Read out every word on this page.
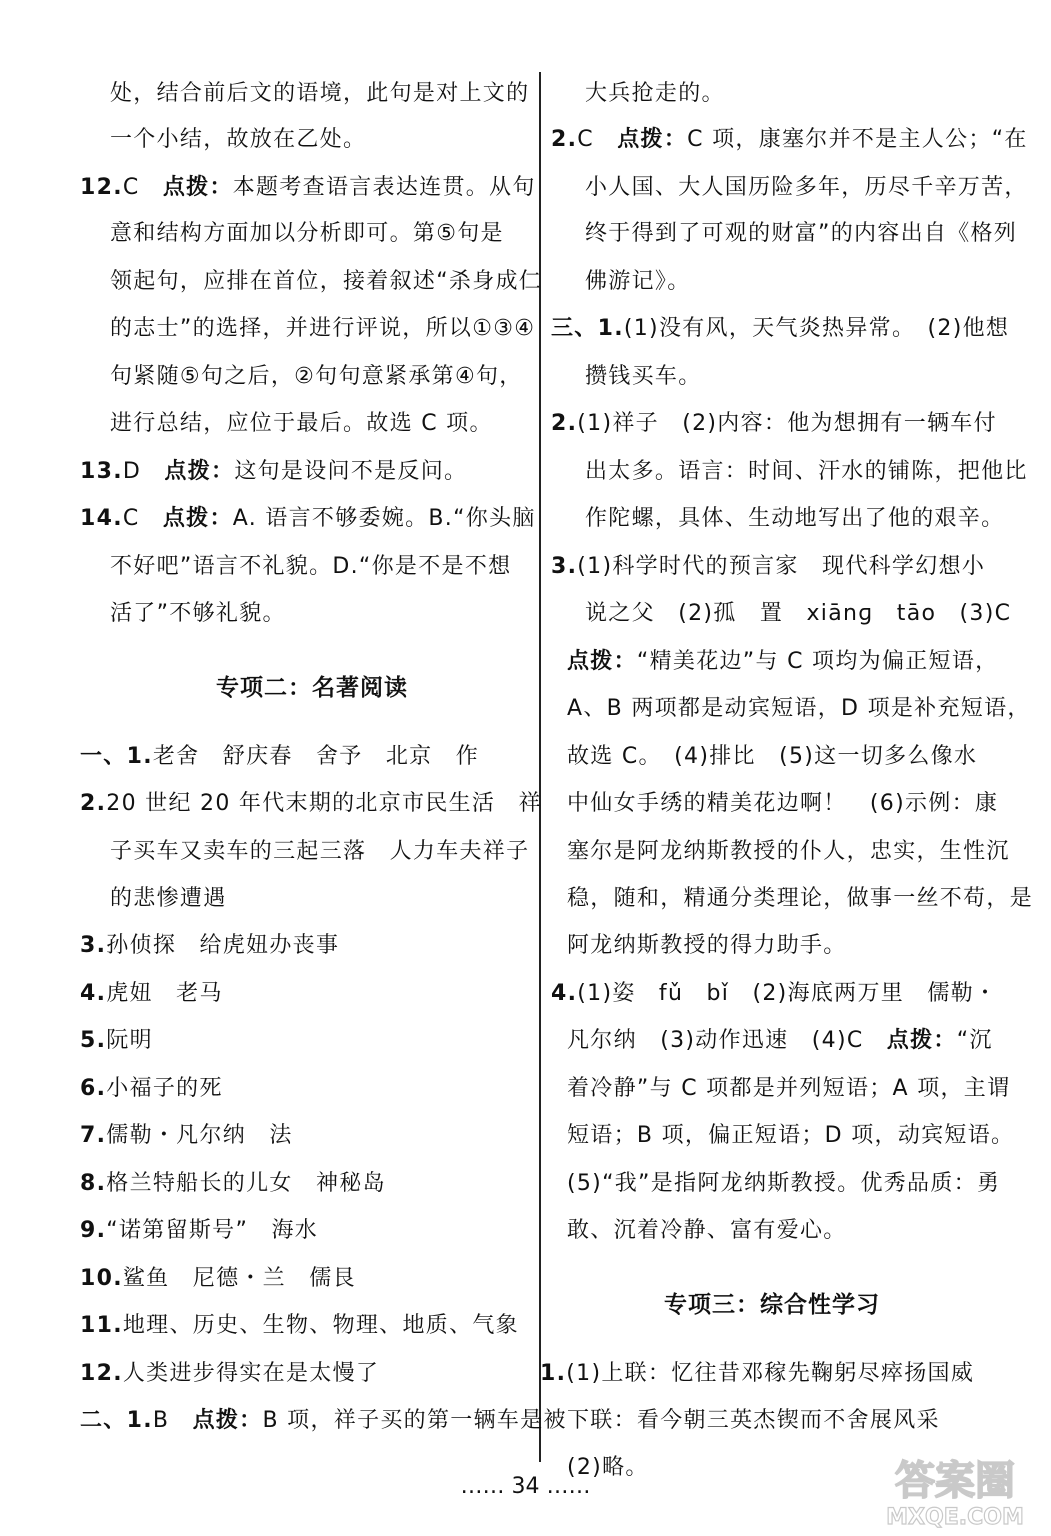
处，结合前后文的语境，此句是对上文的
一个小结，故放在乙处。
12.C　点拨：本题考查语言表达连贯。从句
意和结构方面加以分析即可。第⑤句是
领起句，应排在首位，接着叙述“杀身成仁
的志士”的选择，并进行评说，所以①③④
句紧随⑤句之后，②句句意紧承第④句，
进行总结，应位于最后。故选 C 项。
13.D　点拨：这句是设问不是反问。
14.C　点拨：A. 语言不够委婉。B.“你头脑
不好吧”语言不礼貌。D.“你是不是不想
活了”不够礼貌。
一、1.老舍　舒庆春　舍予　北京　作
2.20 世纪 20 年代末期的北京市民生活　祥
子买车又卖车的三起三落　人力车夫祥子
的悲惨遭遇
3.孙侦探　给虎妞办丧事
4.虎妞　老马
5.阮明
6.小福子的死
7.儒勒・凡尔纳　法
8.格兰特船长的儿女　神秘岛
9.“诺第留斯号”　海水
10.鲨鱼　尼德・兰　儒艮
11.地理、历史、生物、物理、地质、气象
12.人类进步得实在是太慢了
二、1.B　点拨：B 项，祥子买的第一辆车是被
专项二：名著阅读
大兵抢走的。
2.C　点拨：C 项，康塞尔并不是主人公；“在
小人国、大人国历险多年，历尽千辛万苦，
终于得到了可观的财富”的内容出自《格列
佛游记》。
三、1.(1)没有风，天气炎热异常。　(2)他想
攒钱买车。
2.(1)祥子　(2)内容：他为想拥有一辆车付
出太多。语言：时间、汗水的铺陈，把他比
作陀螺，具体、生动地写出了他的艰辛。
3.(1)科学时代的预言家　现代科学幻想小
说之父　(2)孤　置　xiānɡ　tāo　(3)C
点拨：“精美花边”与 C 项均为偏正短语，
A、B 两项都是动宾短语，D 项是补充短语，
故选 C。　(4)排比　(5)这一切多么像水
中仙女手绣的精美花边啊！　(6)示例：康
塞尔是阿龙纳斯教授的仆人，忠实，生性沉
稳，随和，精通分类理论，做事一丝不苟，是
阿龙纳斯教授的得力助手。
4.(1)姿　fǔ　bǐ　(2)海底两万里　儒勒・
凡尔纳　(3)动作迅速　(4)C　点拨：“沉
着冷静”与 C 项都是并列短语；A 项，主谓
短语；B 项，偏正短语；D 项，动宾短语。
(5)“我”是指阿龙纳斯教授。优秀品质：勇
敢、沉着冷静、富有爱心。
1.(1)上联：忆往昔邓稼先鞠躬尽瘁扬国威
下联：看今朝三英杰锲而不舍展风采
(2)略。
专项三：综合性学习
…… 34 ……	答案圈
MXQE.COM
